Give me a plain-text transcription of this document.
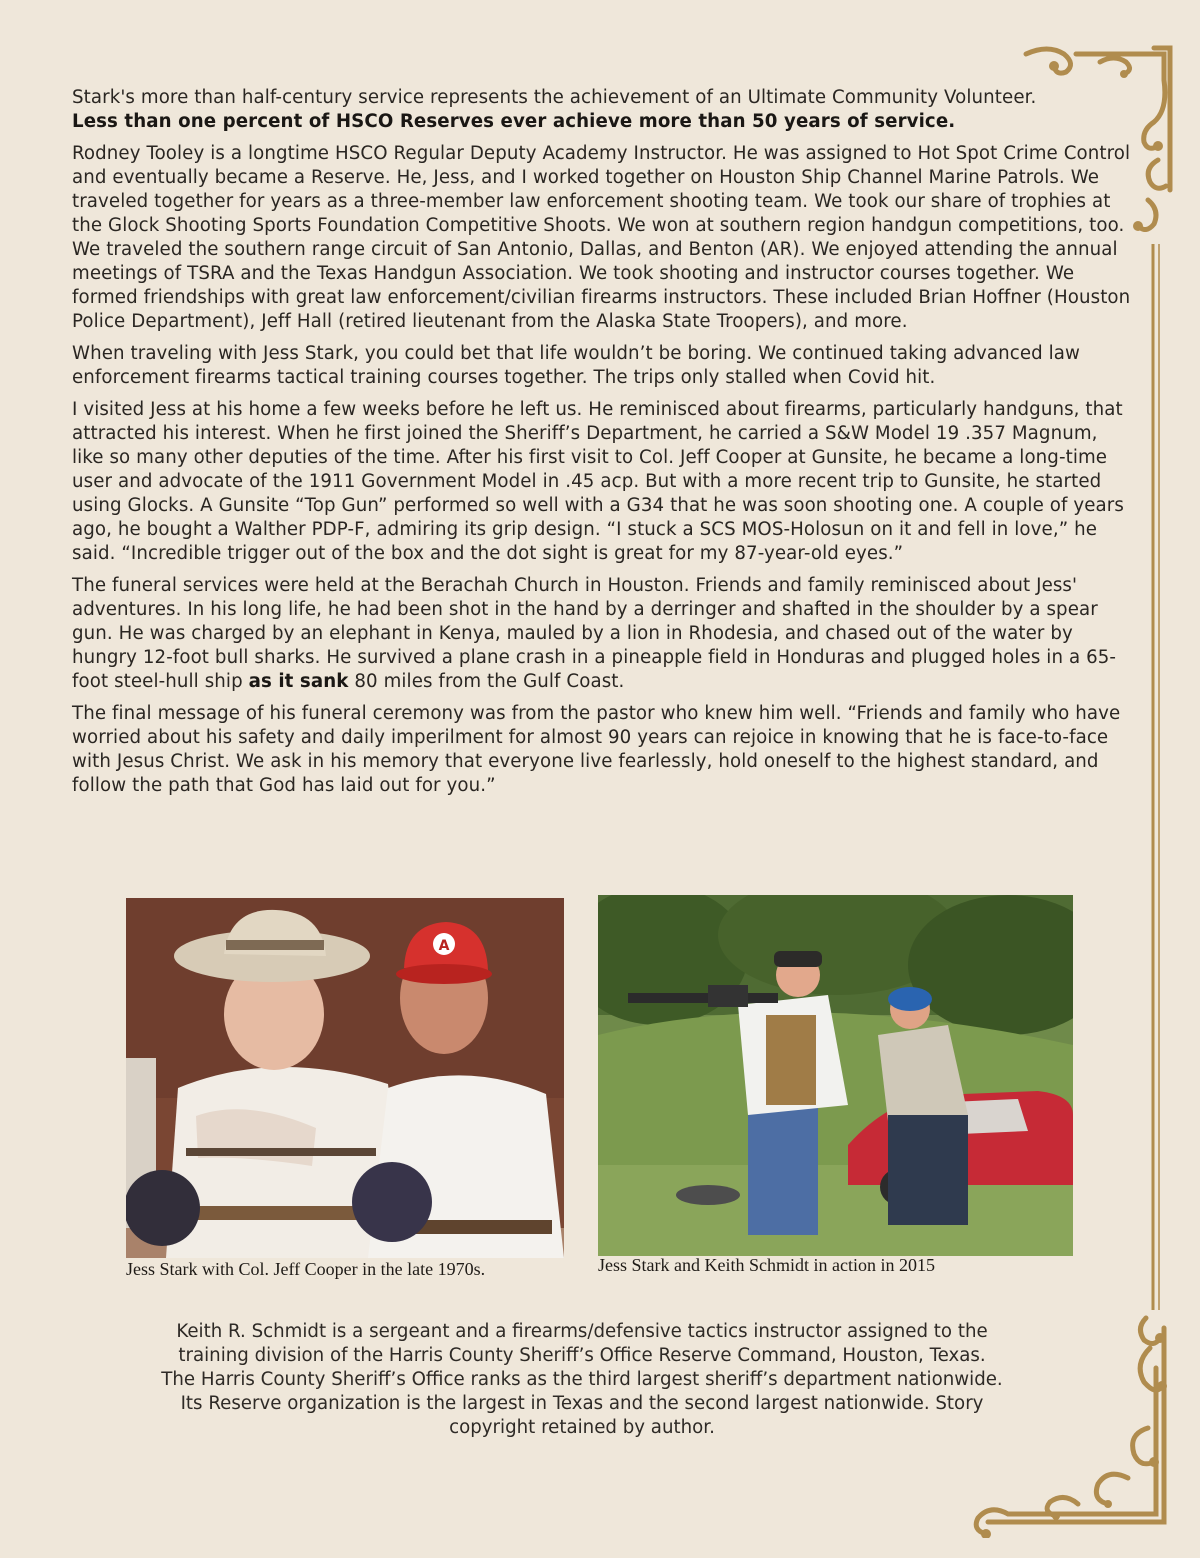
Stark's more than half-century service represents the achievement of an Ultimate Community Volunteer.
Less than one percent of HSCO Reserves ever achieve more than 50 years of service.

Rodney Tooley is a longtime HSCO Regular Deputy Academy Instructor. He was assigned to Hot Spot Crime Control and eventually became a Reserve. He, Jess, and I worked together on Houston Ship Channel Marine Patrols. We traveled together for years as a three-member law enforcement shooting team. We took our share of trophies at the Glock Shooting Sports Foundation Competitive Shoots. We won at southern region handgun competitions, too. We traveled the southern range circuit of San Antonio, Dallas, and Benton (AR). We enjoyed attending the annual meetings of TSRA and the Texas Handgun Association. We took shooting and instructor courses together. We formed friendships with great law enforcement/civilian firearms instructors. These included Brian Hoffner (Houston Police Department), Jeff Hall (retired lieutenant from the Alaska State Troopers), and more.

When traveling with Jess Stark, you could bet that life wouldn’t be boring. We continued taking advanced law enforcement firearms tactical training courses together. The trips only stalled when Covid hit.

I visited Jess at his home a few weeks before he left us. He reminisced about firearms, particularly handguns, that attracted his interest. When he first joined the Sheriff’s Department, he carried a S&W Model 19 .357 Magnum, like so many other deputies of the time. After his first visit to Col. Jeff Cooper at Gunsite, he became a long-time user and advocate of the 1911 Government Model in .45 acp. But with a more recent trip to Gunsite, he started using Glocks. A Gunsite “Top Gun” performed so well with a G34 that he was soon shooting one. A couple of years ago, he bought a Walther PDP-F, admiring its grip design. “I stuck a SCS MOS-Holosun on it and fell in love,” he said. “Incredible trigger out of the box and the dot sight is great for my 87-year-old eyes.”

The funeral services were held at the Berachah Church in Houston. Friends and family reminisced about Jess' adventures. In his long life, he had been shot in the hand by a derringer and shafted in the shoulder by a spear gun. He was charged by an elephant in Kenya, mauled by a lion in Rhodesia, and chased out of the water by hungry 12-foot bull sharks. He survived a plane crash in a pineapple field in Honduras and plugged holes in a 65-foot steel-hull ship as it sank 80 miles from the Gulf Coast.

The final message of his funeral ceremony was from the pastor who knew him well. “Friends and family who have worried about his safety and daily imperilment for almost 90 years can rejoice in knowing that he is face-to-face with Jesus Christ. We ask in his memory that everyone live fearlessly, hold oneself to the highest standard, and follow the path that God has laid out for you.”

A
Jess Stark with Col. Jeff Cooper in the late 1970s.	Jess Stark and Keith Schmidt in action in 2015
Keith R. Schmidt is a sergeant and a firearms/defensive tactics instructor assigned to the
training division of the Harris County Sheriff’s Office Reserve Command, Houston, Texas.
The Harris County Sheriff’s Office ranks as the third largest sheriff’s department nationwide.
Its Reserve organization is the largest in Texas and the second largest nationwide. Story
copyright retained by author.
